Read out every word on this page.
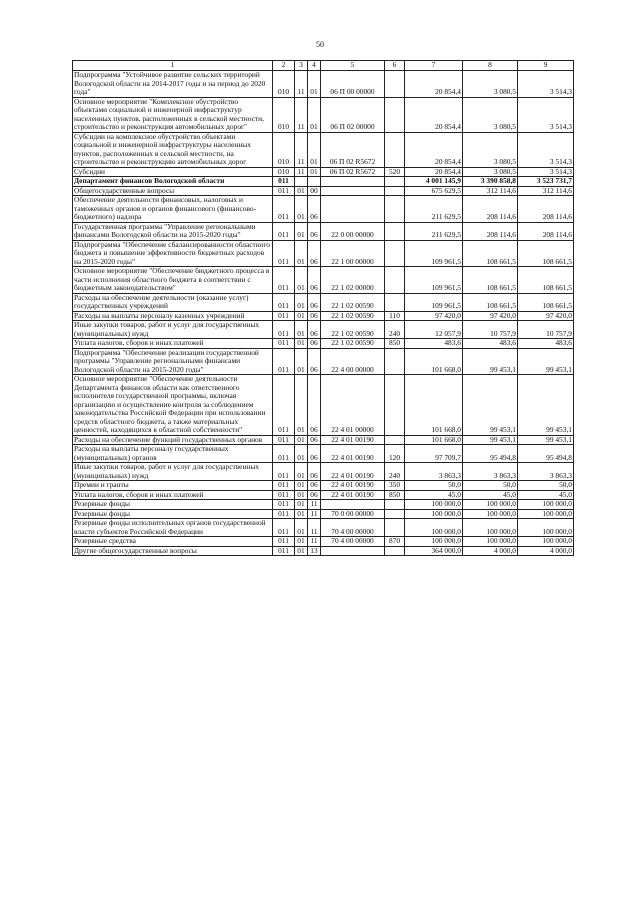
50
1	2	3	4	5	6	7	8	9
Подпрограмма "Устойчивое развитие сельских территорий Вологодской области на 2014-2017 годы и на период до 2020 года"	010	11	01	06 П 00 00000		20 854,4	3 080,5	3 514,3
Основное мероприятие "Комплексное обустройство объектами социальной и инженерной инфраструктур населенных пунктов, расположенных в сельской местности, строительство и реконструкция автомобильных дорог"	010	11	01	06 П 02 00000		20 854,4	3 080,5	3 514,3
Субсидии на комплексное обустройство объектами социальной и инженерной инфраструктуры населенных пунктов, расположенных в сельской местности, на строительство и реконструкцию автомобильных дорог	010	11	01	06 П 02 R5672		20 854,4	3 080,5	3 514,3
Субсидии	010	11	01	06 П 02 R5672	520	20 854,4	3 080,5	3 514,3
Департамент финансов Вологодской области	011					4 001 145,9	3 390 858,8	3 523 731,7
Общегосударственные вопросы	011	01	00			675 629,5	312 114,6	312 114,6
Обеспечение деятельности финансовых, налоговых и таможенных органов и органов финансового (финансово-бюджетного) надзора	011	01	06			211 629,5	208 114,6	208 114,6
Государственная программа "Управление региональными финансами Вологодской области на 2015-2020 годы"	011	01	06	22 0 00 00000		211 629,5	208 114,6	208 114,6
Подпрограмма "Обеспечение сбалансированности областного бюджета и повышение эффективности бюджетных расходов на 2015-2020 годы"	011	01	06	22 1 00 00000		109 961,5	108 661,5	108 661,5
Основное мероприятие "Обеспечение бюджетного процесса в части исполнения областного бюджета в соответствии с бюджетным законодательством"	011	01	06	22 1 02 00000		109 961,5	108 661,5	108 661,5
Расходы на обеспечение деятельности (оказание услуг) государственных учреждений	011	01	06	22 1 02 00590		109 961,5	108 661,5	108 661,5
Расходы на выплаты персоналу казенных учреждений	011	01	06	22 1 02 00590	110	97 420,0	97 420,0	97 420,0
Иные закупки товаров, работ и услуг для государственных (муниципальных) нужд	011	01	06	22 1 02 00590	240	12 057,9	10 757,9	10 757,9
Уплата налогов, сборов и иных платежей	011	01	06	22 1 02 00590	850	483,6	483,6	483,6
Подпрограмма "Обеспечение реализации государственной программы "Управление региональными финансами Вологодской области на 2015-2020 годы"	011	01	06	22 4 00 00000		101 668,0	99 453,1	99 453,1
Основное мероприятие "Обеспечение деятельности Департамента финансов области как ответственного исполнителя государственной программы, включая организацию и осуществление контроля за соблюдением законодательства Российской Федерации при использовании средств областного бюджета, а также материальных ценностей, находящихся в областной собственности"	011	01	06	22 4 01 00000		101 668,0	99 453,1	99 453,1
Расходы на обеспечение функций государственных органов	011	01	06	22 4 01 00190		101 668,0	99 453,1	99 453,1
Расходы на выплаты персоналу государственных (муниципальных) органов	011	01	06	22 4 01 00190	120	97 709,7	95 494,8	95 494,8
Иные закупки товаров, работ и услуг для государственных (муниципальных) нужд	011	01	06	22 4 01 00190	240	3 863,3	3 863,3	3 863,3
Премии и гранты	011	01	06	22 4 01 00190	350	50,0	50,0	50,0
Уплата налогов, сборов и иных платежей	011	01	06	22 4 01 00190	850	45,0	45,0	45,0
Резервные фонды	011	01	11			100 000,0	100 000,0	100 000,0
Резервные фонды	011	01	11	70 0 00 00000		100 000,0	100 000,0	100 000,0
Резервные фонды исполнительных органов государственной власти субъектов Российской Федерации	011	01	11	70 4 00 00000		100 000,0	100 000,0	100 000,0
Резервные средства	011	01	11	70 4 00 00000	870	100 000,0	100 000,0	100 000,0
Другие общегосударственные вопросы	011	01	13			364 000,0	4 000,0	4 000,0
